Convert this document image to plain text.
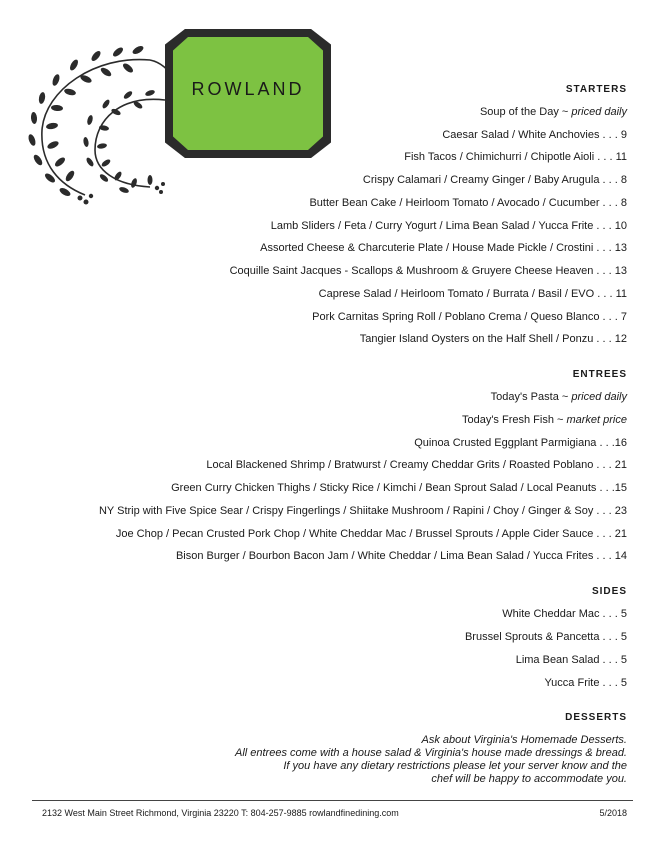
ROWLAND	STARTERS
Soup of the Day ~ priced daily
Caesar Salad / White Anchovies . . . 9
Fish Tacos / Chimichurri / Chipotle Aioli . . . 11
Crispy Calamari / Creamy Ginger / Baby Arugula . . . 8
Butter Bean Cake / Heirloom Tomato / Avocado / Cucumber . . . 8
Lamb Sliders / Feta / Curry Yogurt / Lima Bean Salad / Yucca Frite . . . 10
Assorted Cheese & Charcuterie Plate / House Made Pickle / Crostini . . . 13
Coquille Saint Jacques - Scallops & Mushroom & Gruyere Cheese Heaven . . . 13
Caprese Salad / Heirloom Tomato / Burrata / Basil / EVO . . . 11
Pork Carnitas Spring Roll / Poblano Crema / Queso Blanco . . . 7
Tangier Island Oysters on the Half Shell / Ponzu . . . 12
ENTREES
Today's Pasta ~ priced daily
Today's Fresh Fish ~ market price
Quinoa Crusted Eggplant Parmigiana . . .16
Local Blackened Shrimp / Bratwurst / Creamy Cheddar Grits / Roasted Poblano . . . 21
Green Curry Chicken Thighs / Sticky Rice / Kimchi / Bean Sprout Salad / Local Peanuts . . .15
NY Strip with Five Spice Sear / Crispy Fingerlings / Shiitake Mushroom / Rapini / Choy / Ginger & Soy . . . 23
Joe Chop / Pecan Crusted Pork Chop / White Cheddar Mac / Brussel Sprouts / Apple Cider Sauce . . . 21
Bison Burger / Bourbon Bacon Jam / White Cheddar / Lima Bean Salad / Yucca Frites . . . 14
SIDES
White Cheddar Mac . . . 5
Brussel Sprouts & Pancetta . . . 5
Lima Bean Salad . . . 5
Yucca Frite . . . 5
DESSERTS
Ask about Virginia's Homemade Desserts.
All entrees come with a house salad & Virginia's house made dressings & bread.
If you have any dietary restrictions please let your server know and the
chef will be happy to accommodate you.
2132 West Main Street Richmond, Virginia 23220 T: 804-257-9885 rowlandfinedining.com	5/2018
